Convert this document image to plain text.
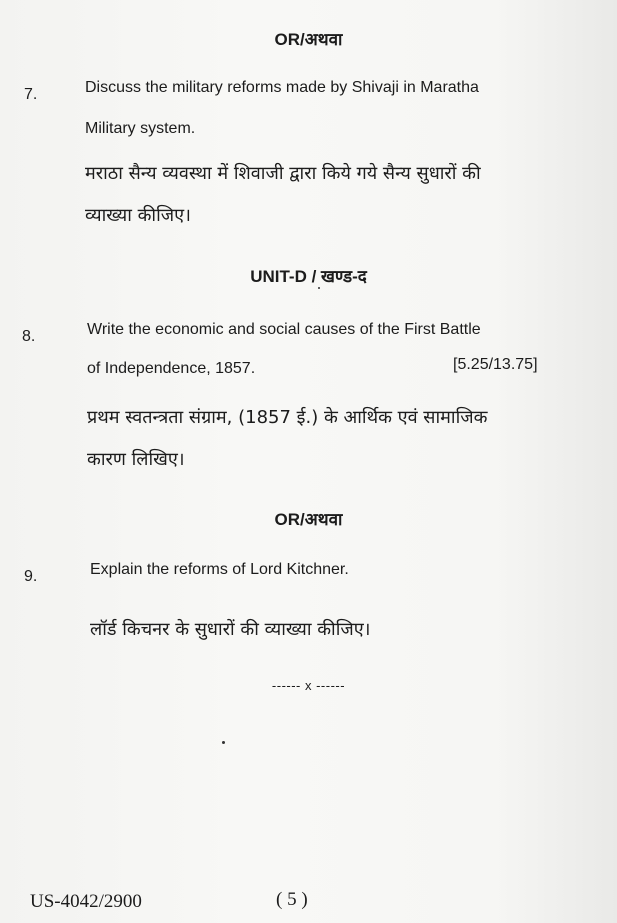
OR/अथवा
7.	Discuss the military reforms made by Shivaji in Maratha
Military system.
मराठा सैन्य व्यवस्था में शिवाजी द्वारा किये गये सैन्य सुधारों की
व्याख्या कीजिए।
UNIT-D / खण्ड-द
8.	Write the economic and social causes of the First Battle
of Independence, 1857.	[5.25/13.75]
प्रथम स्वतन्त्रता संग्राम, (1857 ई.) के आर्थिक एवं सामाजिक
कारण लिखिए।
OR/अथवा
9.	Explain the reforms of Lord Kitchner.
लॉर्ड किचनर के सुधारों की व्याख्या कीजिए।
------ x ------
US-4042/2900	( 5 )
